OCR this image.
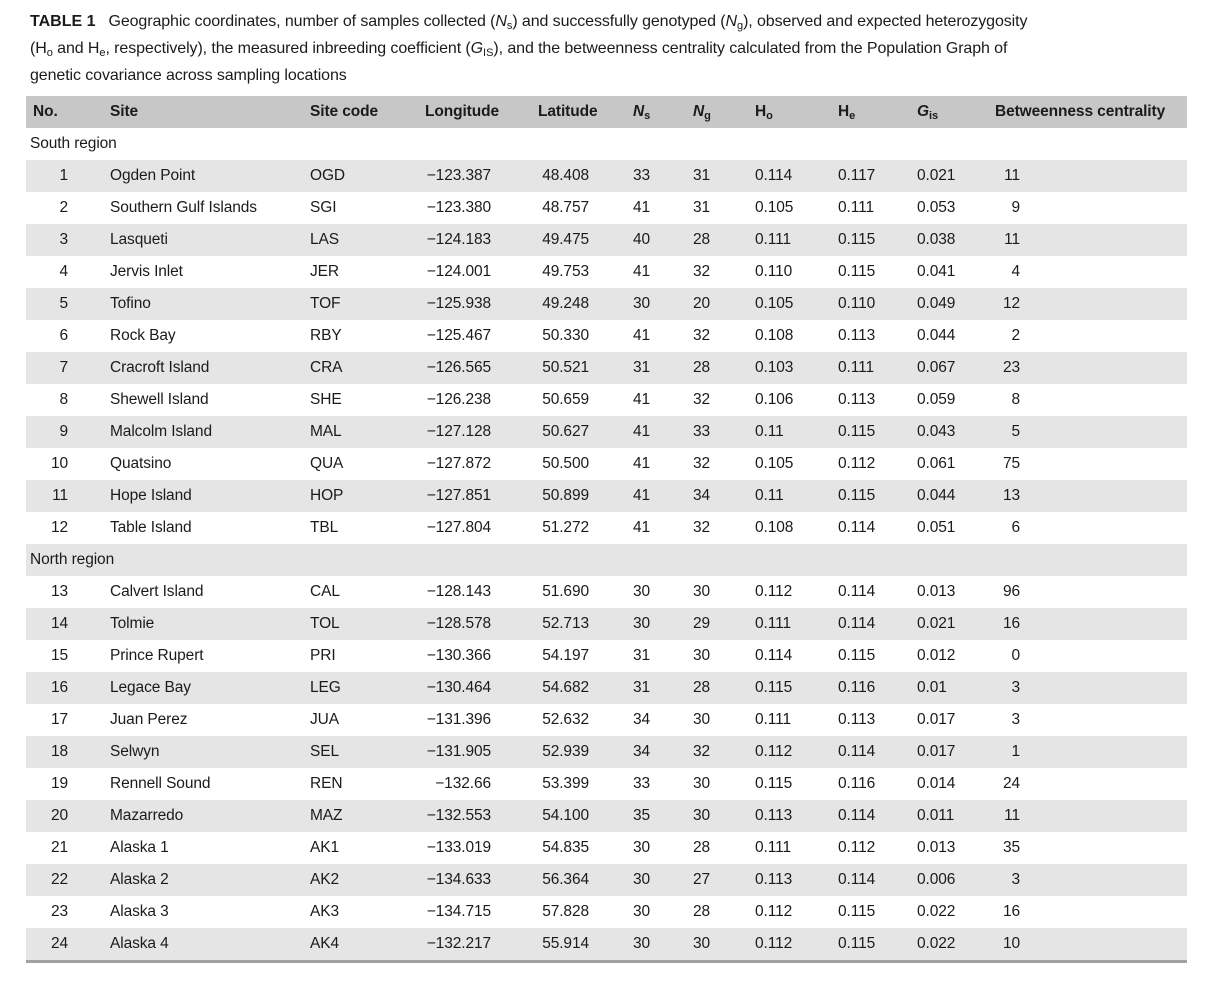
TABLE 1 Geographic coordinates, number of samples collected $(N_s)$ and successfully genotyped $(N_g)$, observed and expected heterozygosity
($H_o$ and $H_e$, respectively), the measured inbreeding coefficient $(G_{IS})$, and the betweenness centrality calculated from the Population Graph of
genetic covariance across sampling locations
No.	Site	Site code	Longitude	Latitude	$N_s$	$N_g$	$H_o$	$H_e$	$G_{is}$	Betweenness centrality
South region										
1	Ogden Point	OGD	−123.387	48.408	33	31	0.114	0.117	0.021	11
2	Southern Gulf Islands	SGI	−123.380	48.757	41	31	0.105	0.111	0.053	9
3	Lasqueti	LAS	−124.183	49.475	40	28	0.111	0.115	0.038	11
4	Jervis Inlet	JER	−124.001	49.753	41	32	0.110	0.115	0.041	4
5	Tofino	TOF	−125.938	49.248	30	20	0.105	0.110	0.049	12
6	Rock Bay	RBY	−125.467	50.330	41	32	0.108	0.113	0.044	2
7	Cracroft Island	CRA	−126.565	50.521	31	28	0.103	0.111	0.067	23
8	Shewell Island	SHE	−126.238	50.659	41	32	0.106	0.113	0.059	8
9	Malcolm Island	MAL	−127.128	50.627	41	33	0.11	0.115	0.043	5
10	Quatsino	QUA	−127.872	50.500	41	32	0.105	0.112	0.061	75
11	Hope Island	HOP	−127.851	50.899	41	34	0.11	0.115	0.044	13
12	Table Island	TBL	−127.804	51.272	41	32	0.108	0.114	0.051	6
North region										
13	Calvert Island	CAL	−128.143	51.690	30	30	0.112	0.114	0.013	96
14	Tolmie	TOL	−128.578	52.713	30	29	0.111	0.114	0.021	16
15	Prince Rupert	PRI	−130.366	54.197	31	30	0.114	0.115	0.012	0
16	Legace Bay	LEG	−130.464	54.682	31	28	0.115	0.116	0.01	3
17	Juan Perez	JUA	−131.396	52.632	34	30	0.111	0.113	0.017	3
18	Selwyn	SEL	−131.905	52.939	34	32	0.112	0.114	0.017	1
19	Rennell Sound	REN	−132.66	53.399	33	30	0.115	0.116	0.014	24
20	Mazarredo	MAZ	−132.553	54.100	35	30	0.113	0.114	0.011	11
21	Alaska 1	AK1	−133.019	54.835	30	28	0.111	0.112	0.013	35
22	Alaska 2	AK2	−134.633	56.364	30	27	0.113	0.114	0.006	3
23	Alaska 3	AK3	−134.715	57.828	30	28	0.112	0.115	0.022	16
24	Alaska 4	AK4	−132.217	55.914	30	30	0.112	0.115	0.022	10
